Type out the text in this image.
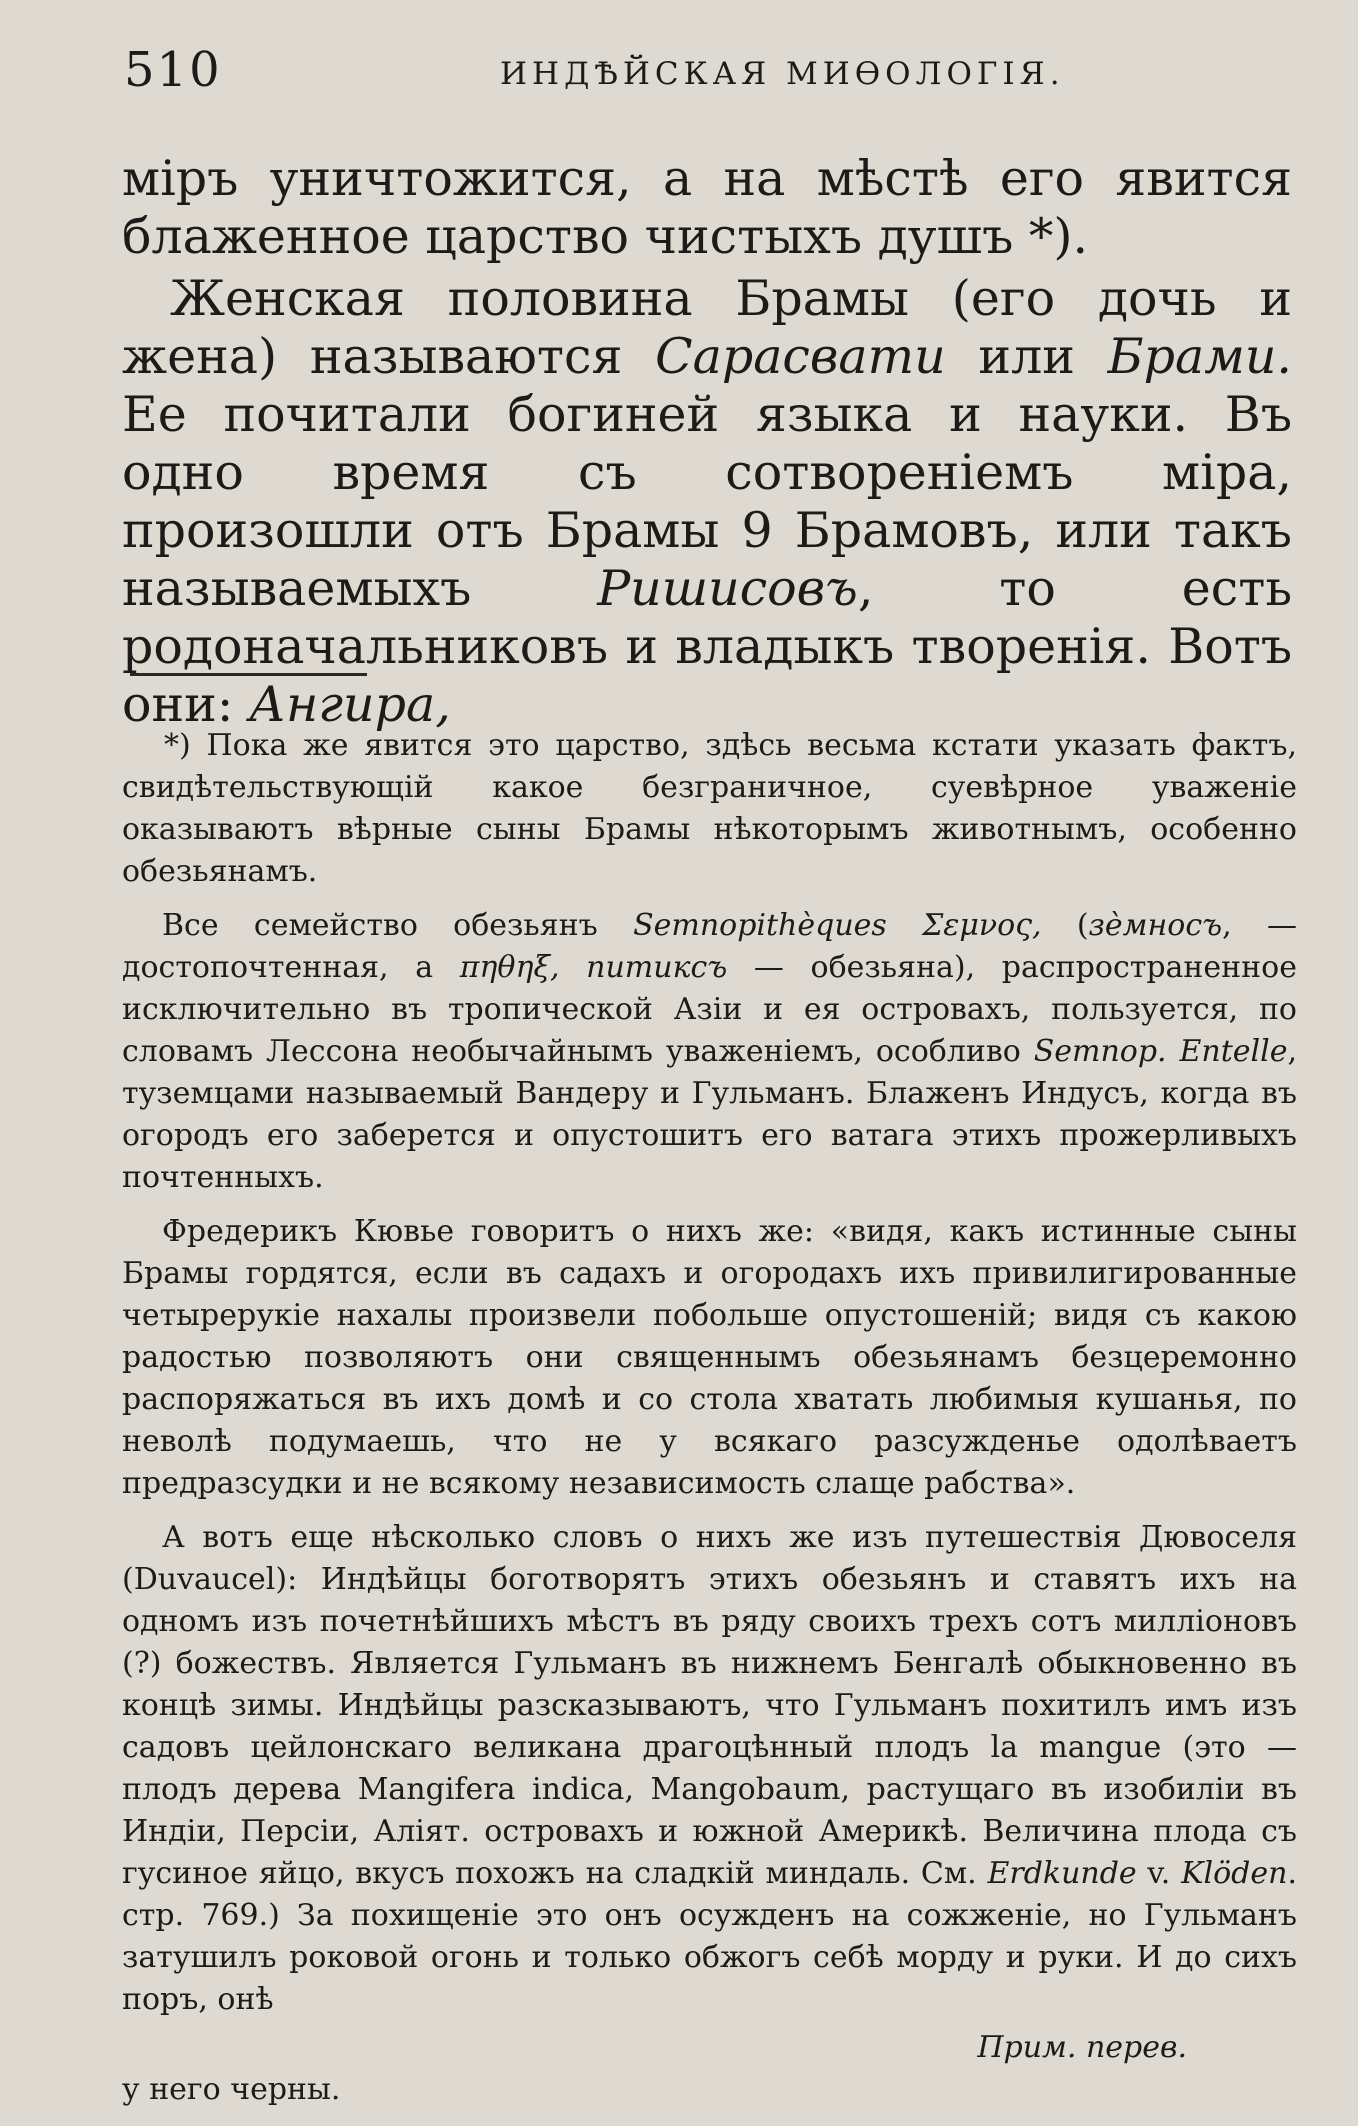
510	ИНДѢЙСКАЯ МИѲОЛОГІЯ.

міръ уничтожится, а на мѣстѣ его явится блаженное царство чистыхъ душъ *).

Женская половина Брамы (его дочь и жена) называются Сарасвати или Брами. Ее почитали богиней языка и науки. Въ одно время съ сотвореніемъ міра, произошли отъ Брамы 9 Брамовъ, или такъ называемыхъ Ришисовъ, то есть родоначальниковъ и владыкъ творенія. Вотъ они: Ангира,

*) Пока же явится это царство, здѣсь весьма кстати указать фактъ, свидѣтельствующій какое безграничное, суевѣрное уваженіе оказываютъ вѣрные сыны Брамы нѣкоторымъ животнымъ, особенно обезьянамъ.

Все семейство обезьянъ Semnopithèques Σεμνος, (зѐмносъ, — достопочтенная, а πηθηξ, питиксъ — обезьяна), распространенное исключительно въ тропической Азіи и ея островахъ, пользуется, по словамъ Лессона необычайнымъ уваженіемъ, особливо Semnop. Entelle, туземцами называемый Вандеру и Гульманъ. Блаженъ Индусъ, когда въ огородъ его заберется и опустошитъ его ватага этихъ прожерливыхъ почтенныхъ.

Фредерикъ Кювье говоритъ о нихъ же: «видя, какъ истинные сыны Брамы гордятся, если въ садахъ и огородахъ ихъ привилигированные четырерукіе нахалы произвели побольше опустошеній; видя съ какою радостью позволяютъ они священнымъ обезьянамъ безцеремонно распоряжаться въ ихъ домѣ и со стола хватать любимыя кушанья, по неволѣ подумаешь, что не у всякаго разсужденье одолѣваетъ предразсудки и не всякому независимость слаще рабства».

А вотъ еще нѣсколько словъ о нихъ же изъ путешествія Дювоселя (Duvaucel): Индѣйцы боготворятъ этихъ обезьянъ и ставятъ ихъ на одномъ изъ почетнѣйшихъ мѣстъ въ ряду своихъ трехъ сотъ милліоновъ (?) божествъ. Является Гульманъ въ нижнемъ Бенгалѣ обыкновенно въ концѣ зимы. Индѣйцы разсказываютъ, что Гульманъ похитилъ имъ изъ садовъ цейлонскаго великана драгоцѣнный плодъ la mangue (это — плодъ дерева Mangifera indica, Mangobaum, растущаго въ изобиліи въ Индіи, Персіи, Аліят. островахъ и южной Америкѣ. Величина плода съ гусиное яйцо, вкусъ похожъ на сладкій миндаль. См. Erdkunde v. Klöden. стр. 769.) За похищеніе это онъ осужденъ на сожженіе, но Гульманъ затушилъ роковой огонь и только обжогъ себѣ морду и руки. И до сихъ поръ, онѣ

Прим. перев.

у него черны.
